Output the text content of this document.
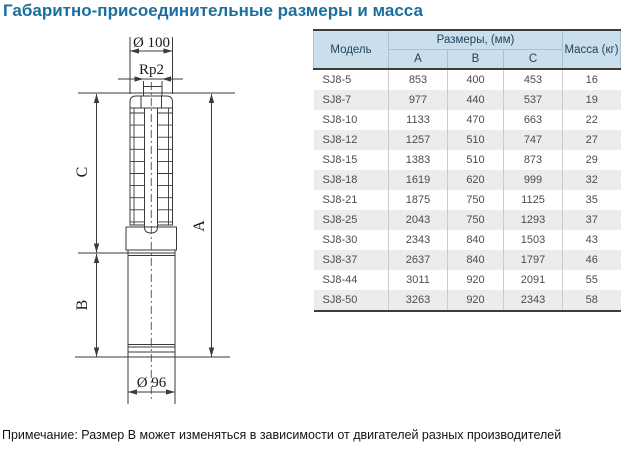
Габаритно-присоединительные размеры и масса
Ø 100
Rp2
C
B
A
Ø 96
Модель	Размеры, (мм)			Масса (кг)
	A	B	C	
SJ8-5	853	400	453	16
SJ8-7	977	440	537	19
SJ8-10	1133	470	663	22
SJ8-12	1257	510	747	27
SJ8-15	1383	510	873	29
SJ8-18	1619	620	999	32
SJ8-21	1875	750	1125	35
SJ8-25	2043	750	1293	37
SJ8-30	2343	840	1503	43
SJ8-37	2637	840	1797	46
SJ8-44	3011	920	2091	55
SJ8-50	3263	920	2343	58
Примечание: Размер В может изменяться в зависимости от двигателей разных производителей
